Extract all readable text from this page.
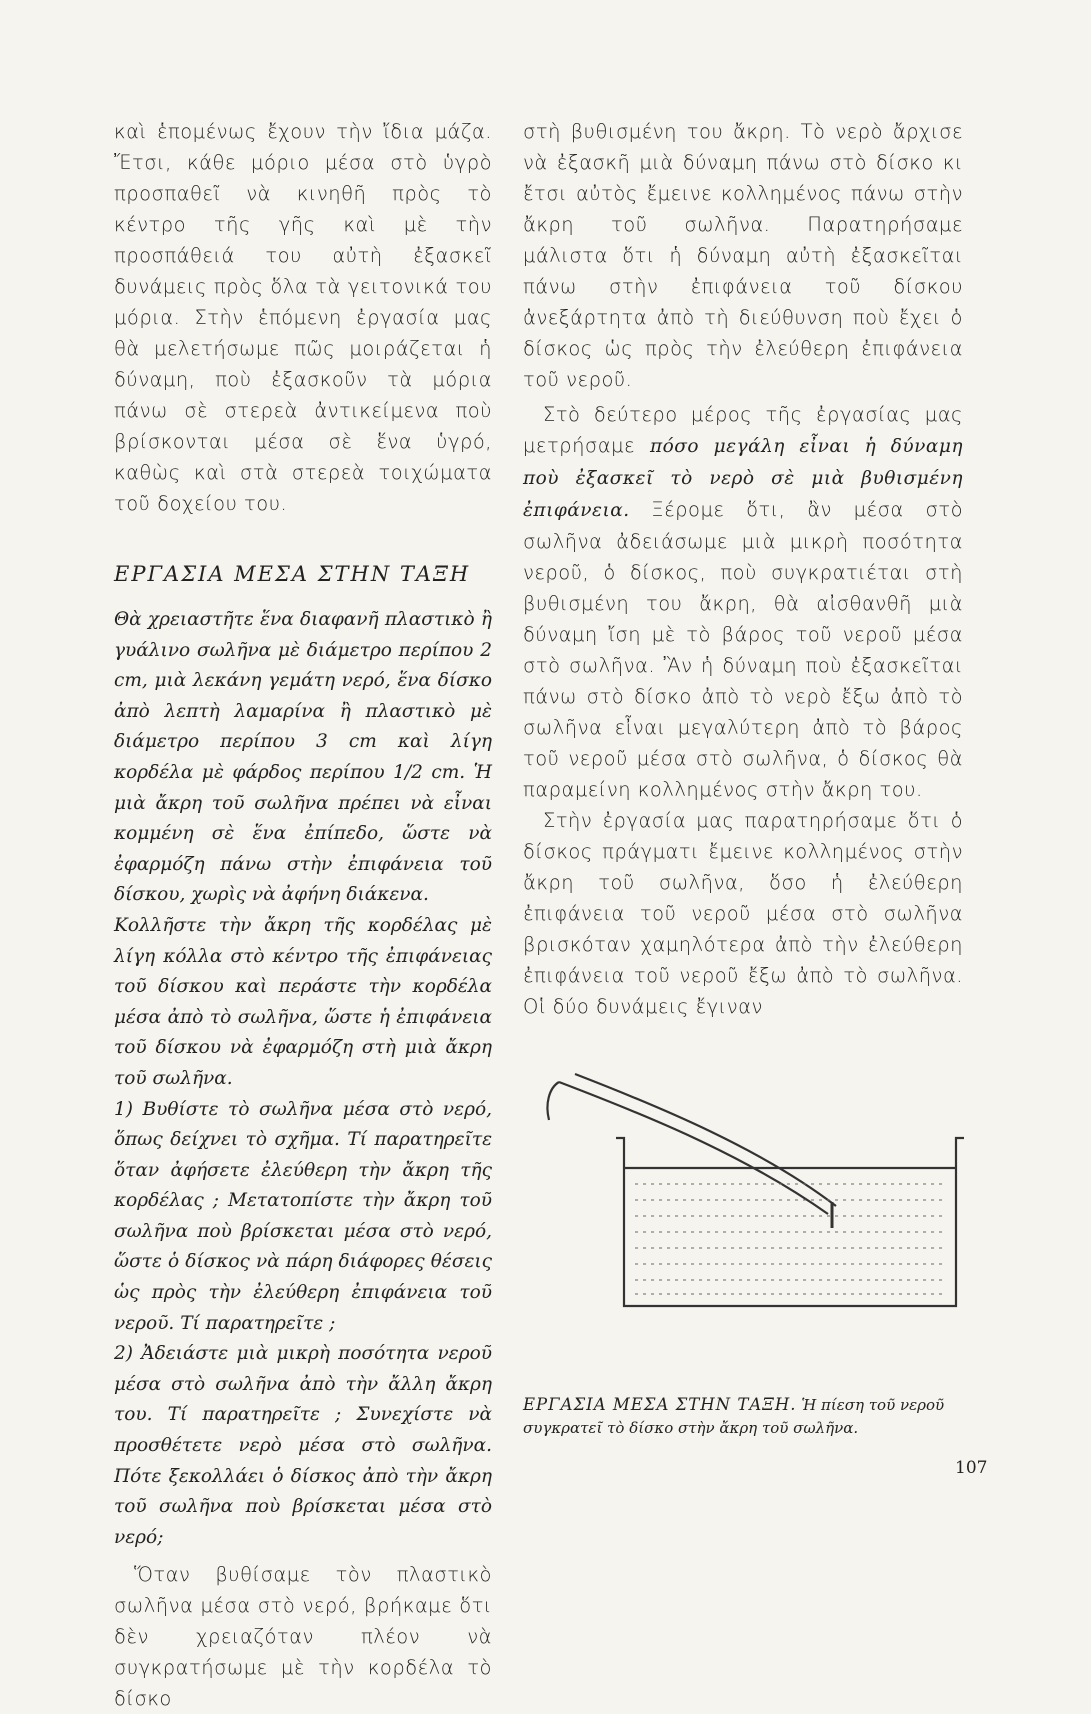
καὶ ἑπομένως ἔχουν τὴν ἴδια μάζα. Ἔτσι, κάθε μόριο μέσα στὸ ὑγρὸ προσπαθεῖ νὰ κινηθῆ πρὸς τὸ κέντρο τῆς γῆς καὶ μὲ τὴν προσπάθειά του αὐτὴ ἐξασκεῖ δυνάμεις πρὸς ὅλα τὰ γειτονικά του μόρια. Στὴν ἑπόμενη ἐργασία μας θὰ μελετήσωμε πῶς μοιράζεται ἡ δύναμη, ποὺ ἐξασκοῦν τὰ μόρια πάνω σὲ στερεὰ ἀντικείμενα ποὺ βρίσκονται μέσα σὲ ἕνα ὑγρό, καθὼς καὶ στὰ στερεὰ τοιχώματα τοῦ δοχείου του.

ΕΡΓΑΣΙΑ ΜΕΣΑ ΣΤΗΝ ΤΑΞΗ

Θὰ χρειαστῆτε ἕνα διαφανῆ πλαστικὸ ἢ γυάλινο σωλῆνα μὲ διάμετρο περίπου 2 cm, μιὰ λεκάνη γεμάτη νερό, ἕνα δίσκο ἀπὸ λεπτὴ λαμαρίνα ἢ πλαστικὸ μὲ διάμετρο περίπου 3 cm καὶ λίγη κορδέλα μὲ φάρδος περίπου 1/2 cm. Ἡ μιὰ ἄκρη τοῦ σωλῆνα πρέπει νὰ εἶναι κομμένη σὲ ἕνα ἐπίπεδο, ὥστε νὰ ἐφαρμόζη πάνω στὴν ἐπιφάνεια τοῦ δίσκου, χωρὶς νὰ ἀφήνη διάκενα.

Κολλῆστε τὴν ἄκρη τῆς κορδέλας μὲ λίγη κόλλα στὸ κέντρο τῆς ἐπιφάνειας τοῦ δίσκου καὶ περάστε τὴν κορδέλα μέσα ἀπὸ τὸ σωλῆνα, ὥστε ἡ ἐπιφάνεια τοῦ δίσκου νὰ ἐφαρμόζη στὴ μιὰ ἄκρη τοῦ σωλῆνα.

1) Βυθίστε τὸ σωλῆνα μέσα στὸ νερό, ὅπως δείχνει τὸ σχῆμα. Τί παρατηρεῖτε ὅταν ἀφήσετε ἐλεύθερη τὴν ἄκρη τῆς κορδέλας ; Μετατοπίστε τὴν ἄκρη τοῦ σωλῆνα ποὺ βρίσκεται μέσα στὸ νερό, ὥστε ὁ δίσκος νὰ πάρη διάφορες θέσεις ὡς πρὸς τὴν ἐλεύθερη ἐπιφάνεια τοῦ νεροῦ. Τί παρατηρεῖτε ;

2) Ἀδειάστε μιὰ μικρὴ ποσότητα νεροῦ μέσα στὸ σωλῆνα ἀπὸ τὴν ἄλλη ἄκρη του. Τί παρατηρεῖτε ; Συνεχίστε νὰ προσθέτετε νερὸ μέσα στὸ σωλῆνα. Πότε ξεκολλάει ὁ δίσκος ἀπὸ τὴν ἄκρη τοῦ σωλῆνα ποὺ βρίσκεται μέσα στὸ νερό;

Ὅταν βυθίσαμε τὸν πλαστικὸ σωλῆνα μέσα στὸ νερό, βρήκαμε ὅτι δὲν χρειαζόταν πλέον νὰ συγκρατήσωμε μὲ τὴν κορδέλα τὸ δίσκο

στὴ βυθισμένη του ἄκρη. Τὸ νερὸ ἄρχισε νὰ ἐξασκῆ μιὰ δύναμη πάνω στὸ δίσκο κι ἔτσι αὐτὸς ἔμεινε κολλημένος πάνω στὴν ἄκρη τοῦ σωλῆνα. Παρατηρήσαμε μάλιστα ὅτι ἡ δύναμη αὐτὴ ἐξασκεῖται πάνω στὴν ἐπιφάνεια τοῦ δίσκου ἀνεξάρτητα ἀπὸ τὴ διεύθυνση ποὺ ἔχει ὁ δίσκος ὡς πρὸς τὴν ἐλεύθερη ἐπιφάνεια τοῦ νεροῦ.

Στὸ δεύτερο μέρος τῆς ἐργασίας μας μετρήσαμε πόσο μεγάλη εἶναι ἡ δύναμη ποὺ ἐξασκεῖ τὸ νερὸ σὲ μιὰ βυθισμένη ἐπιφάνεια. Ξέρομε ὅτι, ἂν μέσα στὸ σωλῆνα ἀδειάσωμε μιὰ μικρὴ ποσότητα νεροῦ, ὁ δίσκος, ποὺ συγκρατιέται στὴ βυθισμένη του ἄκρη, θὰ αἰσθανθῆ μιὰ δύναμη ἴση μὲ τὸ βάρος τοῦ νεροῦ μέσα στὸ σωλῆνα. Ἂν ἡ δύναμη ποὺ ἐξασκεῖται πάνω στὸ δίσκο ἀπὸ τὸ νερὸ ἔξω ἀπὸ τὸ σωλῆνα εἶναι μεγαλύτερη ἀπὸ τὸ βάρος τοῦ νεροῦ μέσα στὸ σωλῆνα, ὁ δίσκος θὰ παραμείνη κολλημένος στὴν ἄκρη του.

Στὴν ἐργασία μας παρατηρήσαμε ὅτι ὁ δίσκος πράγματι ἔμεινε κολλημένος στὴν ἄκρη τοῦ σωλῆνα, ὅσο ἡ ἐλεύθερη ἐπιφάνεια τοῦ νεροῦ μέσα στὸ σωλῆνα βρισκόταν χαμηλότερα ἀπὸ τὴν ἐλεύθερη ἐπιφάνεια τοῦ νεροῦ ἔξω ἀπὸ τὸ σωλῆνα. Οἱ δύο δυνάμεις ἔγιναν

ΕΡΓΑΣΙΑ ΜΕΣΑ ΣΤΗΝ ΤΑΞΗ. Ἡ πίεση τοῦ νεροῦ συγκρατεῖ τὸ δίσκο στὴν ἄκρη τοῦ σωλῆνα.
107
